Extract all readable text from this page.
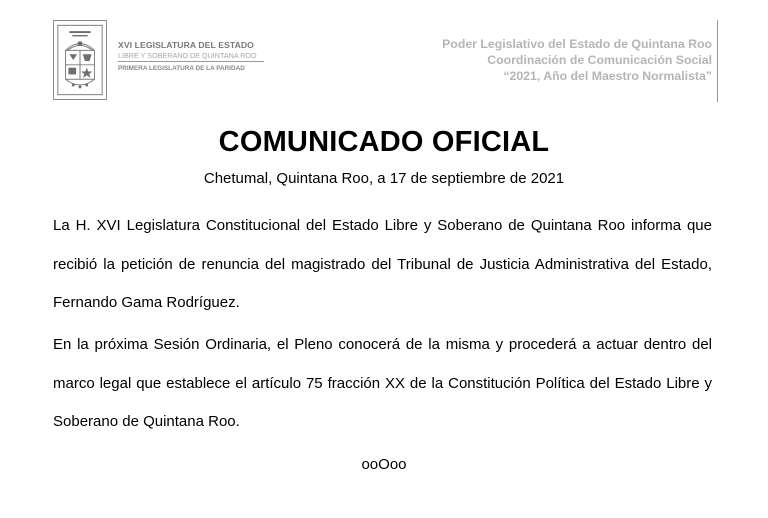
XVI LEGISLATURA DEL ESTADO
LIBRE Y SOBERANO DE QUINTANA ROO
PRIMERA LEGISLATURA DE LA PARIDAD
Poder Legislativo del Estado de Quintana Roo
Coordinación de Comunicación Social
“2021, Año del Maestro Normalista”
COMUNICADO OFICIAL
Chetumal, Quintana Roo, a 17 de septiembre de 2021
La H. XVI Legislatura Constitucional del Estado Libre y Soberano de Quintana Roo informa que recibió la petición de renuncia del magistrado del Tribunal de Justicia Administrativa del Estado, Fernando Gama Rodríguez.
En la próxima Sesión Ordinaria, el Pleno conocerá de la misma y procederá a actuar dentro del marco legal que establece el artículo 75 fracción XX de la Constitución Política del Estado Libre y Soberano de Quintana Roo.
ooOoo
